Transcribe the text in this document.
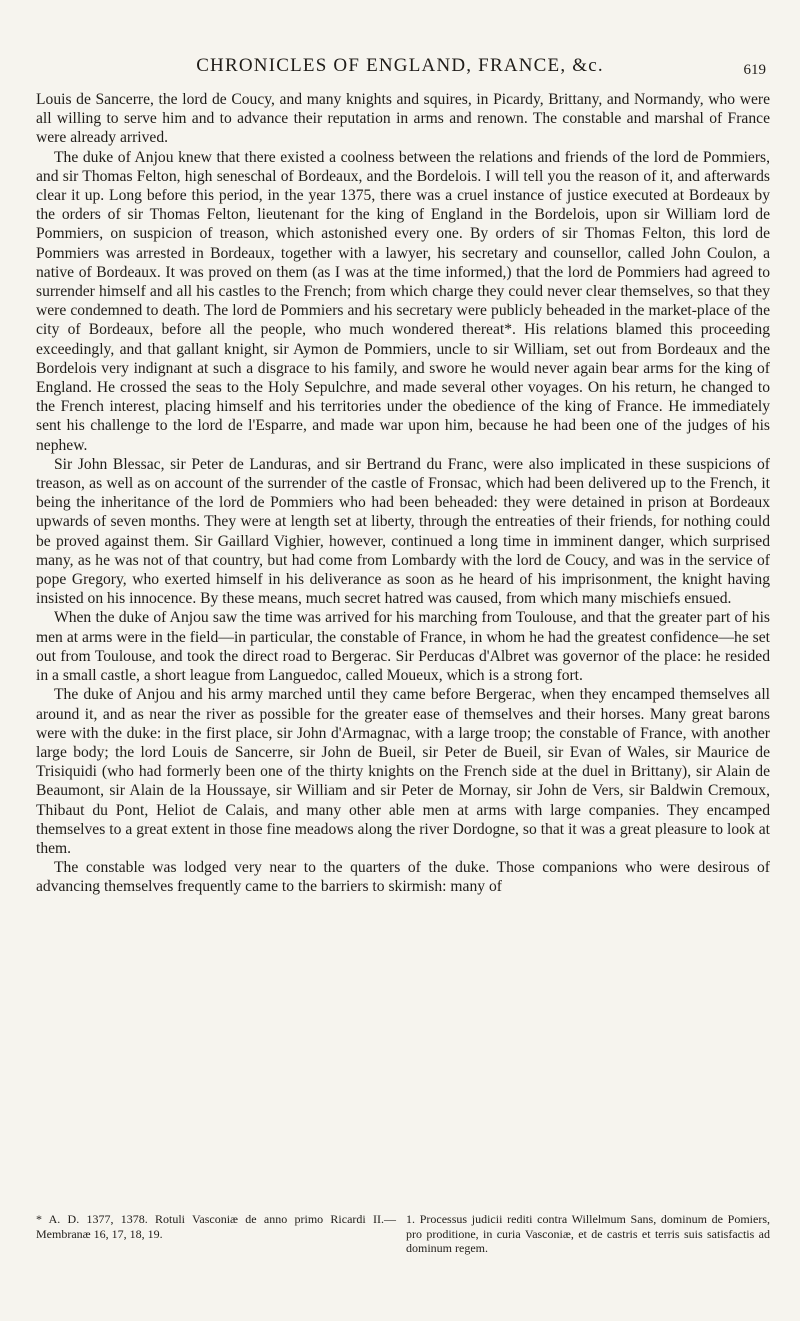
CHRONICLES OF ENGLAND, FRANCE, &c.	619

Louis de Sancerre, the lord de Coucy, and many knights and squires, in Picardy, Brittany, and Normandy, who were all willing to serve him and to advance their reputation in arms and renown. The constable and marshal of France were already arrived.

The duke of Anjou knew that there existed a coolness between the relations and friends of the lord de Pommiers, and sir Thomas Felton, high seneschal of Bordeaux, and the Bordelois. I will tell you the reason of it, and afterwards clear it up. Long before this period, in the year 1375, there was a cruel instance of justice executed at Bordeaux by the orders of sir Thomas Felton, lieutenant for the king of England in the Bordelois, upon sir William lord de Pommiers, on suspicion of treason, which astonished every one. By orders of sir Thomas Felton, this lord de Pommiers was arrested in Bordeaux, together with a lawyer, his secretary and counsellor, called John Coulon, a native of Bordeaux. It was proved on them (as I was at the time informed,) that the lord de Pommiers had agreed to surrender himself and all his castles to the French; from which charge they could never clear themselves, so that they were condemned to death. The lord de Pommiers and his secretary were publicly beheaded in the market-place of the city of Bordeaux, before all the people, who much wondered thereat*. His relations blamed this proceeding exceedingly, and that gallant knight, sir Aymon de Pommiers, uncle to sir William, set out from Bordeaux and the Bordelois very indignant at such a disgrace to his family, and swore he would never again bear arms for the king of England. He crossed the seas to the Holy Sepulchre, and made several other voyages. On his return, he changed to the French interest, placing himself and his territories under the obedience of the king of France. He immediately sent his challenge to the lord de l'Esparre, and made war upon him, because he had been one of the judges of his nephew.

Sir John Blessac, sir Peter de Landuras, and sir Bertrand du Franc, were also implicated in these suspicions of treason, as well as on account of the surrender of the castle of Fronsac, which had been delivered up to the French, it being the inheritance of the lord de Pommiers who had been beheaded: they were detained in prison at Bordeaux upwards of seven months. They were at length set at liberty, through the entreaties of their friends, for nothing could be proved against them. Sir Gaillard Vighier, however, continued a long time in imminent danger, which surprised many, as he was not of that country, but had come from Lombardy with the lord de Coucy, and was in the service of pope Gregory, who exerted himself in his deliverance as soon as he heard of his imprisonment, the knight having insisted on his innocence. By these means, much secret hatred was caused, from which many mischiefs ensued.

When the duke of Anjou saw the time was arrived for his marching from Toulouse, and that the greater part of his men at arms were in the field—in particular, the constable of France, in whom he had the greatest confidence—he set out from Toulouse, and took the direct road to Bergerac. Sir Perducas d'Albret was governor of the place: he resided in a small castle, a short league from Languedoc, called Moueux, which is a strong fort.

The duke of Anjou and his army marched until they came before Bergerac, when they encamped themselves all around it, and as near the river as possible for the greater ease of themselves and their horses. Many great barons were with the duke: in the first place, sir John d'Armagnac, with a large troop; the constable of France, with another large body; the lord Louis de Sancerre, sir John de Bueil, sir Peter de Bueil, sir Evan of Wales, sir Maurice de Trisiquidi (who had formerly been one of the thirty knights on the French side at the duel in Brittany), sir Alain de Beaumont, sir Alain de la Houssaye, sir William and sir Peter de Mornay, sir John de Vers, sir Baldwin Cremoux, Thibaut du Pont, Heliot de Calais, and many other able men at arms with large companies. They encamped themselves to a great extent in those fine meadows along the river Dordogne, so that it was a great pleasure to look at them.

The constable was lodged very near to the quarters of the duke. Those companions who were desirous of advancing themselves frequently came to the barriers to skirmish: many of

* A. D. 1377, 1378. Rotuli Vasconiæ de anno primo Ricardi II.—Membranæ 16, 17, 18, 19.
1. Processus judicii rediti contra Willelmum Sans, dominum de Pomiers, pro proditione, in curia Vasconiæ, et de castris et terris suis satisfactis ad dominum regem.
